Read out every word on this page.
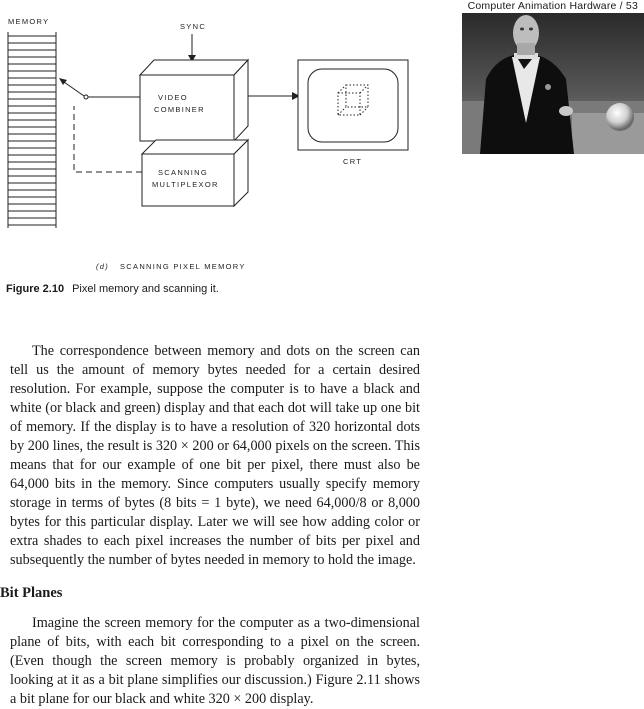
Computer Animation Hardware / 53
MEMORY
SYNC
VIDEO
COMBINER
SCANNING
MULTIPLEXOR
CRT
(d) SCANNING PIXEL MEMORY
Figure 2.10 Pixel memory and scanning it.

The correspondence between memory and dots on the screen can tell us the amount of memory bytes needed for a certain desired resolution. For example, suppose the computer is to have a black and white (or black and green) display and that each dot will take up one bit of memory. If the display is to have a resolution of 320 horizontal dots by 200 lines, the result is 320 × 200 or 64,000 pixels on the screen. This means that for our example of one bit per pixel, there must also be 64,000 bits in the memory. Since computers usually specify memory storage in terms of bytes (8 bits = 1 byte), we need 64,000/8 or 8,000 bytes for this particular display. Later we will see how adding color or extra shades to each pixel increases the number of bits per pixel and subsequently the number of bytes needed in memory to hold the image.

Bit Planes

Imagine the screen memory for the computer as a two-dimensional plane of bits, with each bit corresponding to a pixel on the screen. (Even though the screen memory is probably organized in bytes, looking at it as a bit plane simplifies our discussion.) Figure 2.11 shows a bit plane for our black and white 320 × 200 display.
